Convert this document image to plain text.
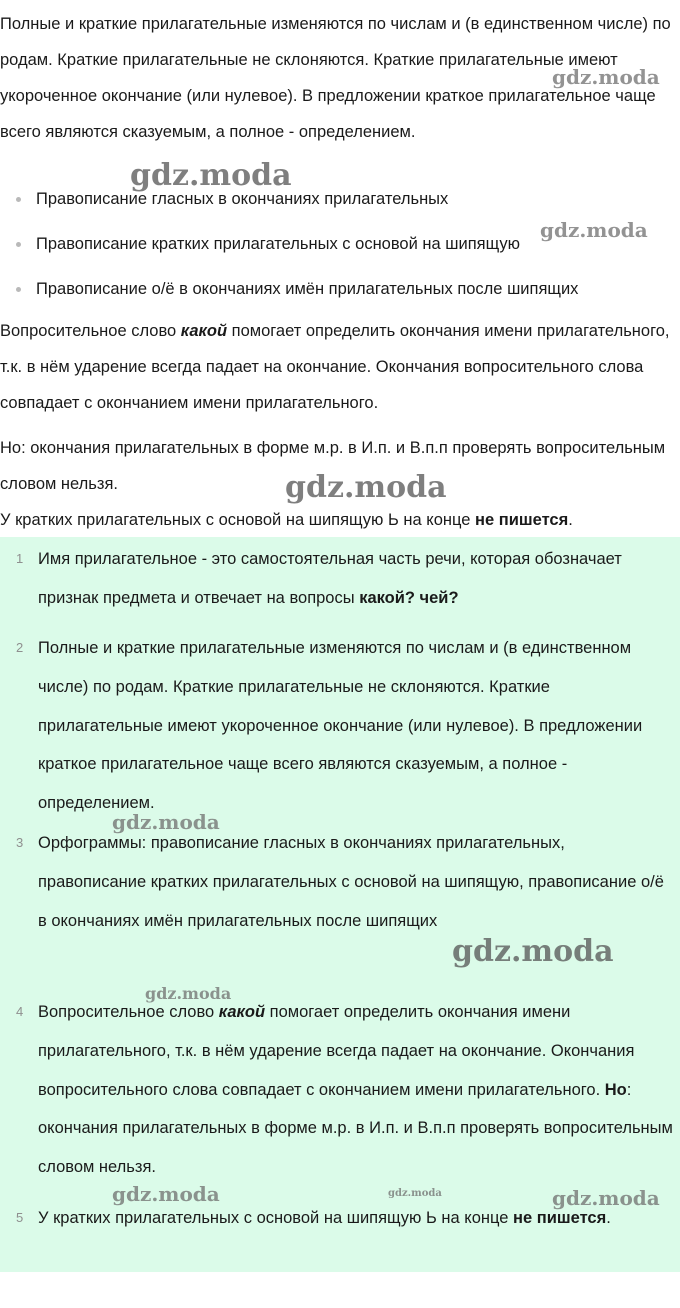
Полные и краткие прилагательные изменяются по числам и (в единственном числе) по родам. Краткие прилагательные не склоняются. Краткие прилагательные имеют укороченное окончание (или нулевое). В предложении краткое прилагательное чаще всего являются сказуемым, а полное - определением.

Правописание гласных в окончаниях прилагательных
Правописание кратких прилагательных с основой на шипящую
Правописание о/ё в окончаниях имён прилагательных после шипящих

Вопросительное слово какой помогает определить окончания имени прилагательного, т.к. в нём ударение всегда падает на окончание. Окончания вопросительного слова совпадает с окончанием имени прилагательного.

Но: окончания прилагательных в форме м.р. в И.п. и В.п.п проверять вопросительным словом нельзя.

У кратких прилагательных с основой на шипящую Ь на конце не пишется.

1 Имя прилагательное - это самостоятельная часть речи, которая обозначает признак предмета и отвечает на вопросы какой? чей?
2 Полные и краткие прилагательные изменяются по числам и (в единственном числе) по родам. Краткие прилагательные не склоняются. Краткие прилагательные имеют укороченное окончание (или нулевое). В предложении краткое прилагательное чаще всего являются сказуемым, а полное - определением.
3 Орфограммы: правописание гласных в окончаниях прилагательных, правописание кратких прилагательных с основой на шипящую, правописание о/ё в окончаниях имён прилагательных после шипящих
4 Вопросительное слово какой помогает определить окончания имени прилагательного, т.к. в нём ударение всегда падает на окончание. Окончания вопросительного слова совпадает с окончанием имени прилагательного. Но: окончания прилагательных в форме м.р. в И.п. и В.п.п проверять вопросительным словом нельзя.
5 У кратких прилагательных с основой на шипящую Ь на конце не пишется.
gdz.moda
gdz.moda
gdz.moda
gdz.moda
gdz.moda
gdz.moda
gdz.moda
gdz.moda	gdz.moda	gdz.moda
